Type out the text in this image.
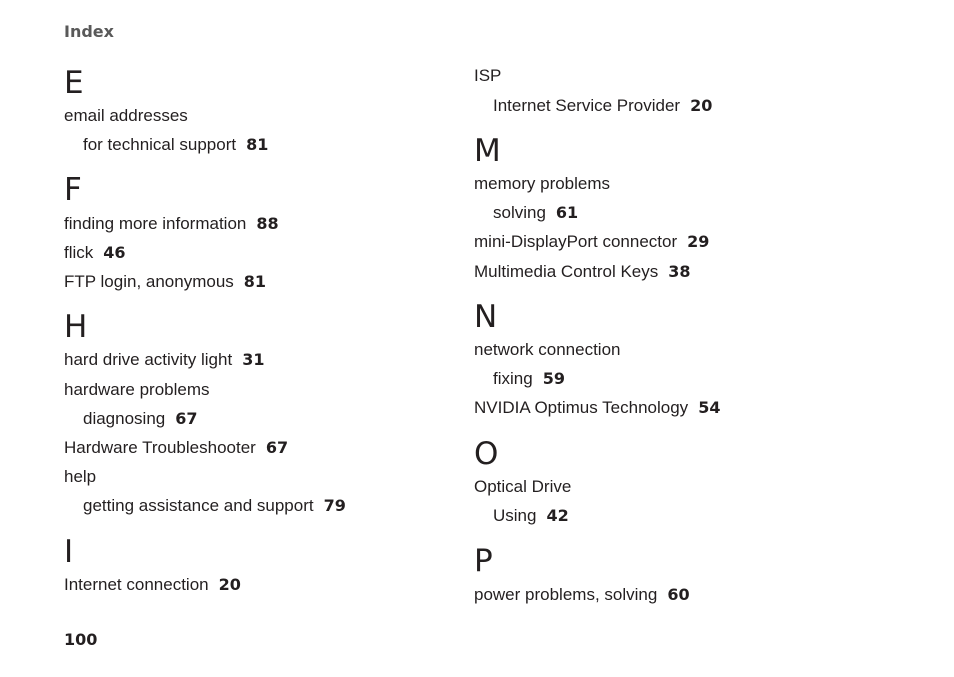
Index
E
email addresses
for technical support 81
F
finding more information 88
flick 46
FTP login, anonymous 81
H
hard drive activity light 31
hardware problems
diagnosing 67
Hardware Troubleshooter 67
help
getting assistance and support 79
I
Internet connection 20
ISP
Internet Service Provider 20
M
memory problems
solving 61
mini-DisplayPort connector 29
Multimedia Control Keys 38
N
network connection
fixing 59
NVIDIA Optimus Technology 54
O
Optical Drive
Using 42
P
power problems, solving 60
100
